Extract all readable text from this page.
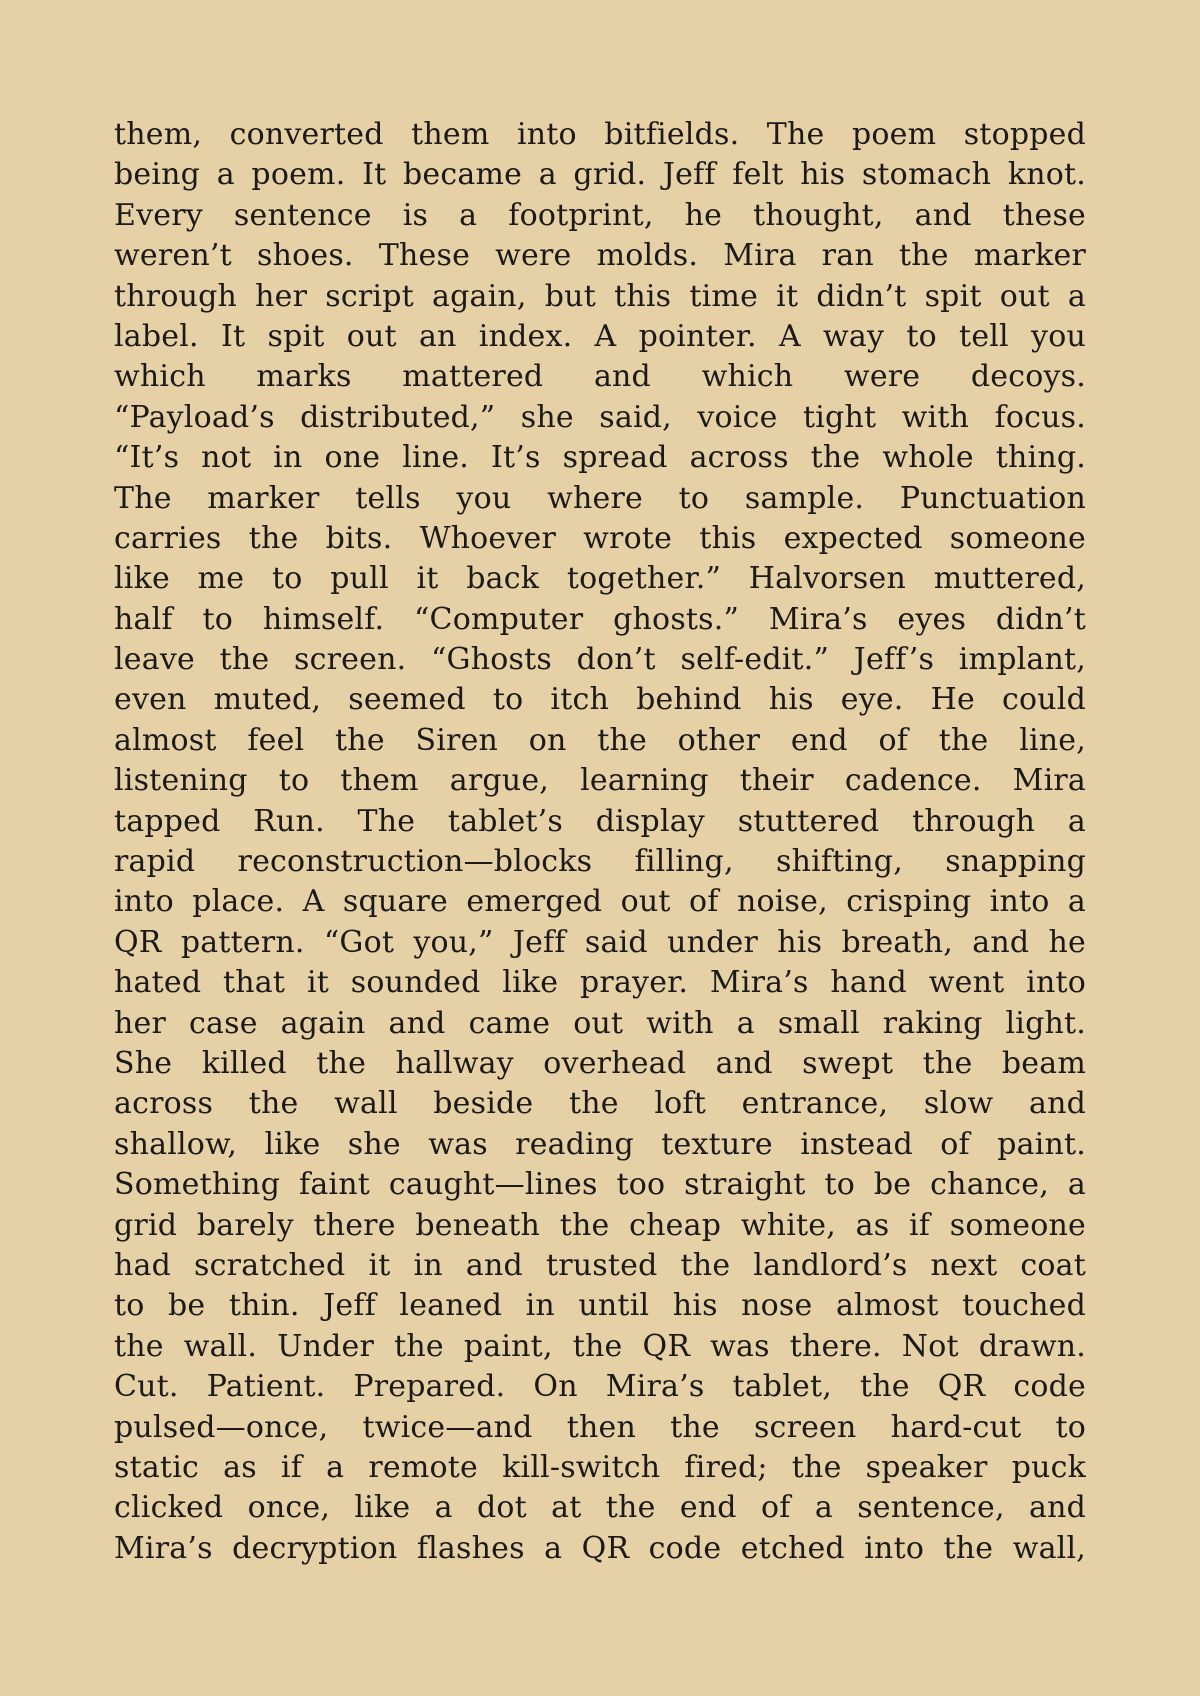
them, converted them into bitfields. The poem stopped
being a poem. It became a grid. Jeff felt his stomach knot.
Every sentence is a footprint, he thought, and these
weren’t shoes. These were molds. Mira ran the marker
through her script again, but this time it didn’t spit out a
label. It spit out an index. A pointer. A way to tell you
which marks mattered and which were decoys.
“Payload’s distributed,” she said, voice tight with focus.
“It’s not in one line. It’s spread across the whole thing.
The marker tells you where to sample. Punctuation
carries the bits. Whoever wrote this expected someone
like me to pull it back together.” Halvorsen muttered,
half to himself. “Computer ghosts.” Mira’s eyes didn’t
leave the screen. “Ghosts don’t self-edit.” Jeff’s implant,
even muted, seemed to itch behind his eye. He could
almost feel the Siren on the other end of the line,
listening to them argue, learning their cadence. Mira
tapped Run. The tablet’s display stuttered through a
rapid reconstruction—blocks filling, shifting, snapping
into place. A square emerged out of noise, crisping into a
QR pattern. “Got you,” Jeff said under his breath, and he
hated that it sounded like prayer. Mira’s hand went into
her case again and came out with a small raking light.
She killed the hallway overhead and swept the beam
across the wall beside the loft entrance, slow and
shallow, like she was reading texture instead of paint.
Something faint caught—lines too straight to be chance, a
grid barely there beneath the cheap white, as if someone
had scratched it in and trusted the landlord’s next coat
to be thin. Jeff leaned in until his nose almost touched
the wall. Under the paint, the QR was there. Not drawn.
Cut. Patient. Prepared. On Mira’s tablet, the QR code
pulsed—once, twice—and then the screen hard-cut to
static as if a remote kill-switch fired; the speaker puck
clicked once, like a dot at the end of a sentence, and
Mira’s decryption flashes a QR code etched into the wall,
